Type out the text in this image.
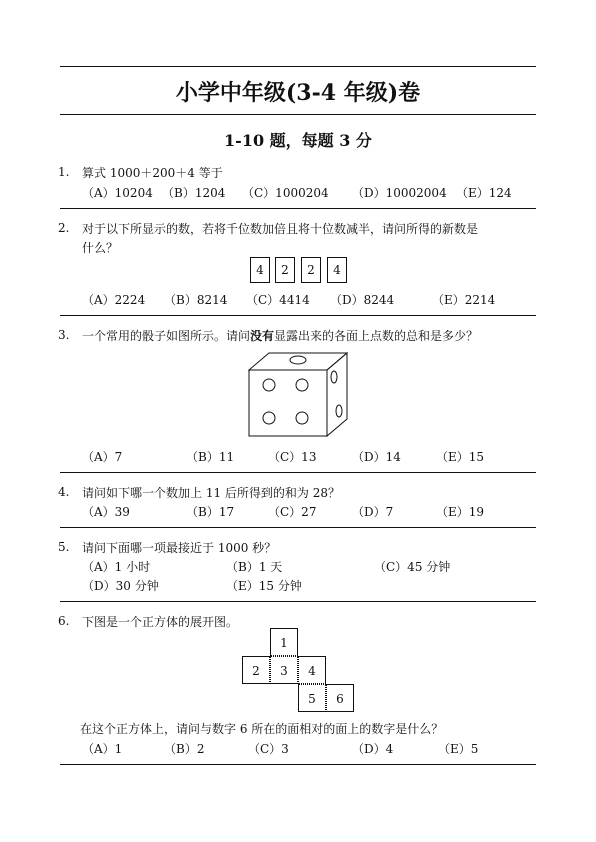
小学中年级(3-4 年级)卷
1-10 题，每题 3 分
1. 算式 1000＋200＋4 等于
（A）10204 （B）1204 （C）1000204 （D）10002004 （E）124
2. 对于以下所显示的数，若将千位数加倍且将十位数减半，请问所得的新数是
什么？
4	2	2	4
（A）2224 （B）8214 （C）4414 （D）8244	（E）2214
3. 一个常用的骰子如图所示。请问没有显露出来的各面上点数的总和是多少？
（A）7	（B）11	（C）13	（D）14	（E）15
4. 请问如下哪一个数加上 11 后所得到的和为 28？
（A）39	（B）17	（C）27	（D）7	（E）19
5. 请问下面哪一项最接近于 1000 秒？
（A）1 小时	（B）1 天	（C）45 分钟
（D）30 分钟	（E）15 分钟
6. 下图是一个正方体的展开图。
1
2	3	4
5	6
在这个正方体上，请问与数字 6 所在的面相对的面上的数字是什么？
（A）1	（B）2	（C）3	（D）4	（E）5
